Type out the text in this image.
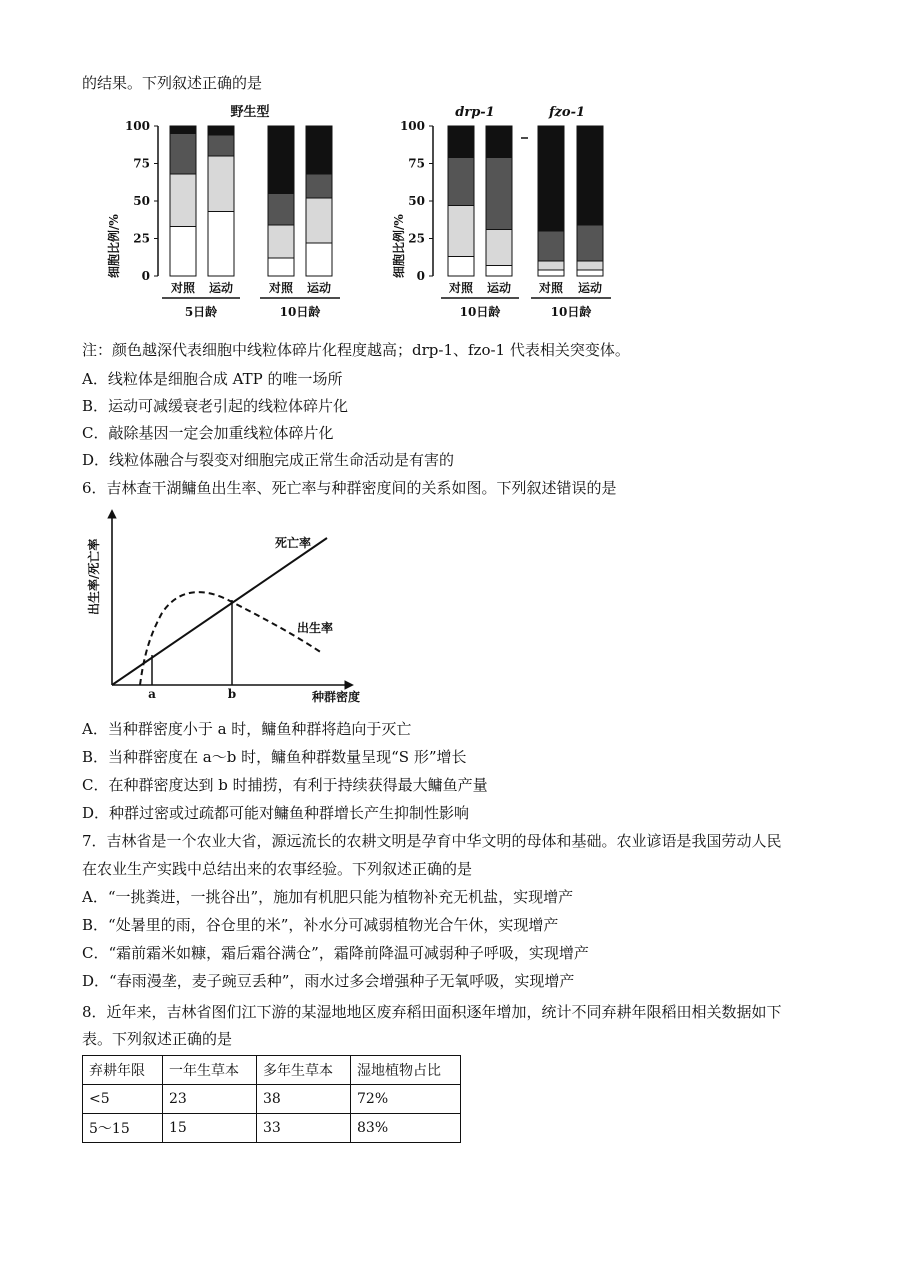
的结果。下列叙述正确的是
野生型
细胞比例/% 0
25
50
75
100
对照 运动	对照 运动
5日龄	10日龄
drp-1	fzo-1
细胞比例/% 0
25
50
75
100
对照 运动 对照 运动
10日龄	10日龄
注：颜色越深代表细胞中线粒体碎片化程度越高；drp-1、fzo-1 代表相关突变体。
A．线粒体是细胞合成 ATP 的唯一场所
B．运动可减缓衰老引起的线粒体碎片化
C．敲除基因一定会加重线粒体碎片化
D．线粒体融合与裂变对细胞完成正常生命活动是有害的
6．吉林查干湖鳙鱼出生率、死亡率与种群密度间的关系如图。下列叙述错误的是
出生率/死亡率
种群密度
a	b
死亡率
出生率
A．当种群密度小于 a 时，鳙鱼种群将趋向于灭亡
B．当种群密度在 a～b 时，鳙鱼种群数量呈现“S 形”增长
C．在种群密度达到 b 时捕捞，有利于持续获得最大鳙鱼产量
D．种群过密或过疏都可能对鳙鱼种群增长产生抑制性影响
7．吉林省是一个农业大省，源远流长的农耕文明是孕育中华文明的母体和基础。农业谚语是我国劳动人民
在农业生产实践中总结出来的农事经验。下列叙述正确的是
A．“一挑粪进，一挑谷出”，施加有机肥只能为植物补充无机盐，实现增产
B．“处暑里的雨，谷仓里的米”，补水分可减弱植物光合午休，实现增产
C．“霜前霜米如糠，霜后霜谷满仓”，霜降前降温可减弱种子呼吸，实现增产
D．“春雨漫垄，麦子豌豆丢种”，雨水过多会增强种子无氧呼吸，实现增产
8．近年来，吉林省图们江下游的某湿地地区废弃稻田面积逐年增加，统计不同弃耕年限稻田相关数据如下
表。下列叙述正确的是
弃耕年限	一年生草本	多年生草本	湿地植物占比
<5	23	38	72%
5～15	15	33	83%
